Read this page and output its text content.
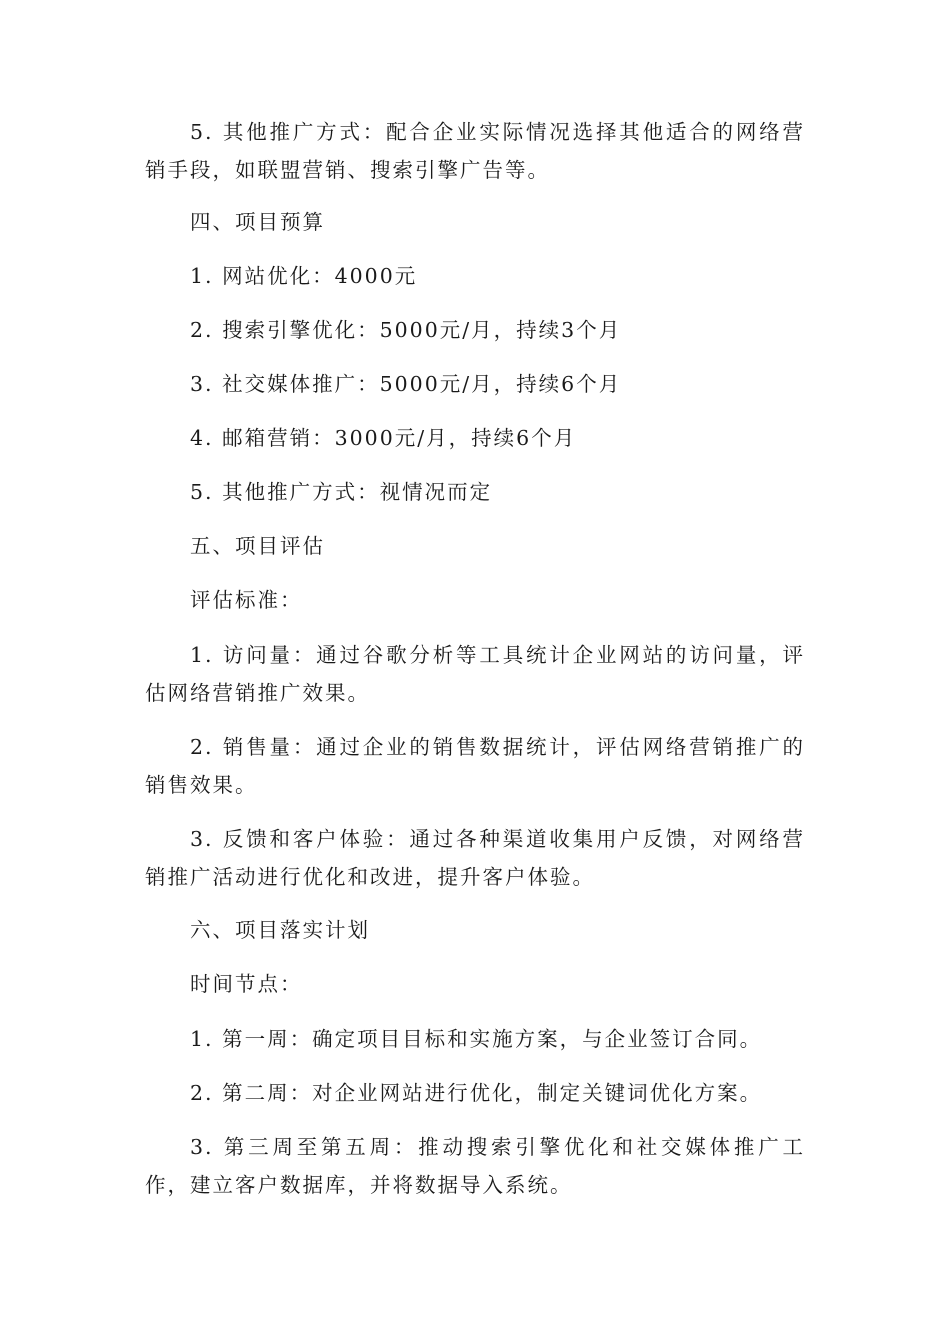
5. 其他推广方式：配合企业实际情况选择其他适合的网络营销手段，如联盟营销、搜索引擎广告等。

四、项目预算

1. 网站优化：4000元

2. 搜索引擎优化：5000元/月，持续3个月

3. 社交媒体推广：5000元/月，持续6个月

4. 邮箱营销：3000元/月，持续6个月

5. 其他推广方式：视情况而定

五、项目评估

评估标准：

1. 访问量：通过谷歌分析等工具统计企业网站的访问量，评估网络营销推广效果。

2. 销售量：通过企业的销售数据统计，评估网络营销推广的销售效果。

3. 反馈和客户体验：通过各种渠道收集用户反馈，对网络营销推广活动进行优化和改进，提升客户体验。

六、项目落实计划

时间节点：

1. 第一周：确定项目目标和实施方案，与企业签订合同。

2. 第二周：对企业网站进行优化，制定关键词优化方案。

3. 第三周至第五周：推动搜索引擎优化和社交媒体推广工作，建立客户数据库，并将数据导入系统。
